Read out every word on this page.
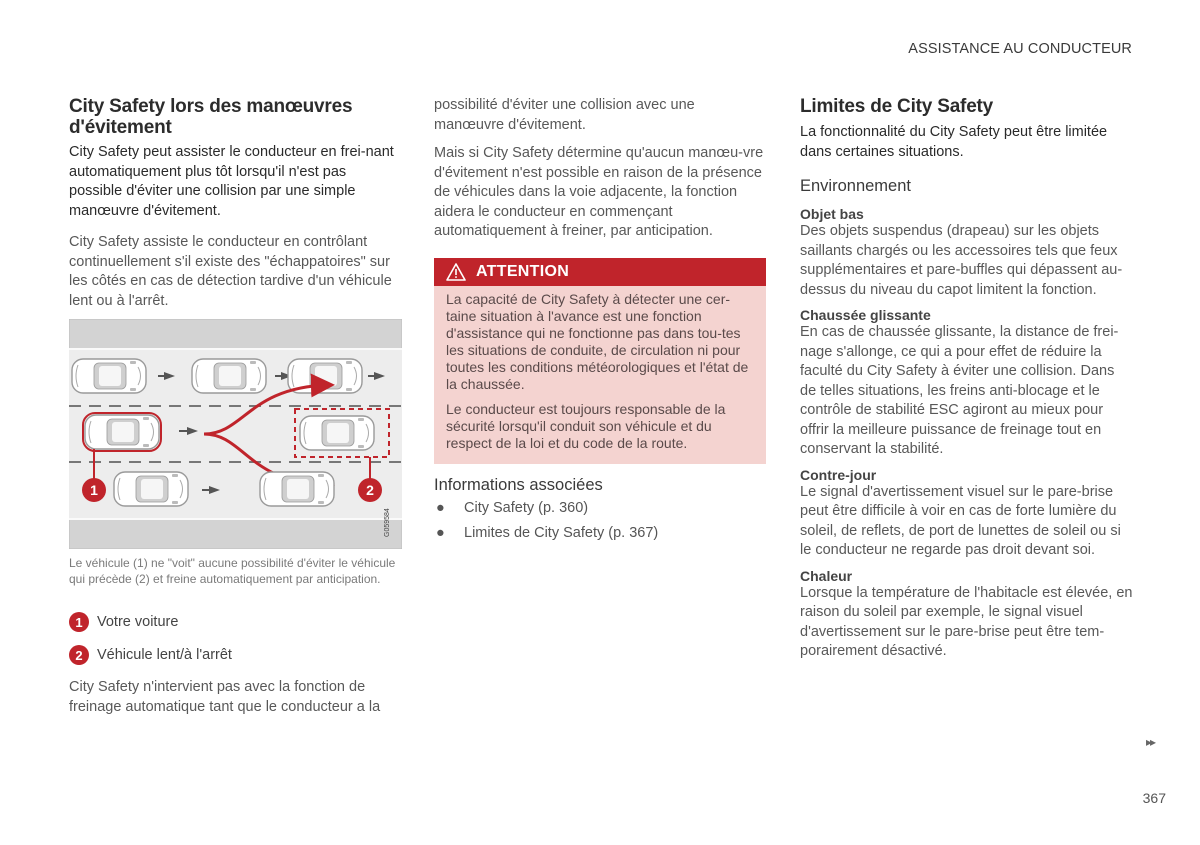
ASSISTANCE AU CONDUCTEUR
City Safety lors des manœuvres d'évitement

City Safety peut assister le conducteur en frei-nant automatiquement plus tôt lorsqu'il n'est pas possible d'éviter une collision par une simple manœuvre d'évitement.

City Safety assiste le conducteur en contrôlant continuellement s'il existe des "échappatoires" sur les côtés en cas de détection tardive d'un véhicule lent ou à l'arrêt.

1	2
G059584
Le véhicule (1) ne "voit" aucune possibilité d'éviter le véhicule qui précède (2) et freine automatiquement par anticipation.
1 Votre voiture
2 Véhicule lent/à l'arrêt

City Safety n'intervient pas avec la fonction de freinage automatique tant que le conducteur a la

possibilité d'éviter une collision avec une manœuvre d'évitement.

Mais si City Safety détermine qu'aucun manœu-vre d'évitement n'est possible en raison de la présence de véhicules dans la voie adjacente, la fonction aidera le conducteur en commençant automatiquement à freiner, par anticipation.

ATTENTION

La capacité de City Safety à détecter une cer-taine situation à l'avance est une fonction d'assistance qui ne fonctionne pas dans tou-tes les situations de conduite, de circulation ni pour toutes les conditions météorologiques et l'état de la chaussée.

Le conducteur est toujours responsable de la sécurité lorsqu'il conduit son véhicule et du respect de la loi et du code de la route.

Informations associées
●	City Safety (p. 360)
●	Limites de City Safety (p. 367)
Limites de City Safety

La fonctionnalité du City Safety peut être limitée dans certaines situations.

Environnement
Objet bas

Des objets suspendus (drapeau) sur les objets saillants chargés ou les accessoires tels que feux supplémentaires et pare-buffles qui dépassent au-dessus du niveau du capot limitent la fonction.

Chaussée glissante

En cas de chaussée glissante, la distance de frei-nage s'allonge, ce qui a pour effet de réduire la faculté du City Safety à éviter une collision. Dans de telles situations, les freins anti-blocage et le contrôle de stabilité ESC agiront au mieux pour offrir la meilleure puissance de freinage tout en conservant la stabilité.

Contre-jour

Le signal d'avertissement visuel sur le pare-brise peut être difficile à voir en cas de forte lumière du soleil, de reflets, de port de lunettes de soleil ou si le conducteur ne regarde pas droit devant soi.

Chaleur

Lorsque la température de l'habitacle est élevée, en raison du soleil par exemple, le signal visuel d'avertissement sur le pare-brise peut être tem-porairement désactivé.

▸▸
367
